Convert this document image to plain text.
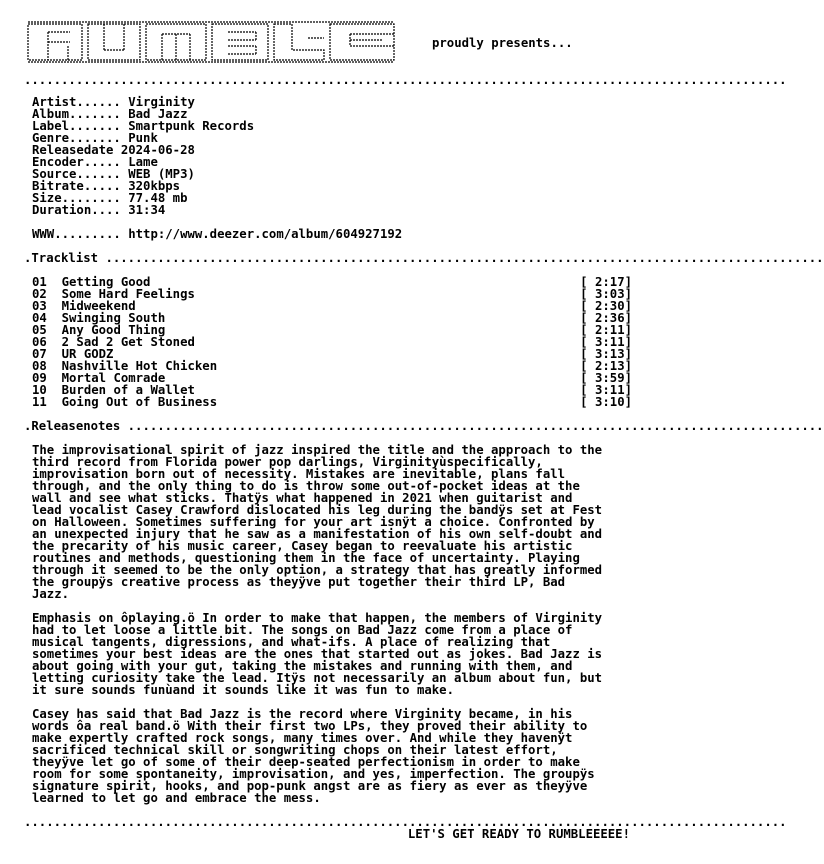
proudly presents...
.......................................................................................................
Artist...... Virginity
Album....... Bad Jazz
Label....... Smartpunk Records
Genre....... Punk
Releasedate 2024-06-28
Encoder..... Lame
Source...... WEB (MP3)
Bitrate..... 320kbps
Size........ 77.48 mb
Duration.... 31:34
WWW......... http://www.deezer.com/album/604927192
.Tracklist .................................................................................................
01 Getting Good	[ 2:17]
02 Some Hard Feelings	[ 3:03]
03 Midweekend	[ 2:30]
04 Swinging South	[ 2:36]
05 Any Good Thing	[ 2:11]
06 2 Sad 2 Get Stoned	[ 3:11]
07 UR GODZ	[ 3:13]
08 Nashville Hot Chicken	[ 2:13]
09 Mortal Comrade	[ 3:59]
10 Burden of a Wallet	[ 3:11]
11 Going Out of Business	[ 3:10]
.Releasenotes ..............................................................................................
The improvisational spirit of jazz inspired the title and the approach to the
third record from Florida power pop darlings, Virginityùspecifically,
improvisation born out of necessity. Mistakes are inevitable, plans fall
through, and the only thing to do is throw some out-of-pocket ideas at the
wall and see what sticks. Thatÿs what happened in 2021 when guitarist and
lead vocalist Casey Crawford dislocated his leg during the bandÿs set at Fest
on Halloween. Sometimes suffering for your art isnÿt a choice. Confronted by
an unexpected injury that he saw as a manifestation of his own self-doubt and
the precarity of his music career, Casey began to reevaluate his artistic
routines and methods, questioning them in the face of uncertainty. Playing
through it seemed to be the only option, a strategy that has greatly informed
the groupÿs creative process as theyÿve put together their third LP, Bad
Jazz.
Emphasis on ôplaying.ö In order to make that happen, the members of Virginity
had to let loose a little bit. The songs on Bad Jazz come from a place of
musical tangents, digressions, and what-ifs. A place of realizing that
sometimes your best ideas are the ones that started out as jokes. Bad Jazz is
about going with your gut, taking the mistakes and running with them, and
letting curiosity take the lead. Itÿs not necessarily an album about fun, but
it sure sounds funùand it sounds like it was fun to make.
Casey has said that Bad Jazz is the record where Virginity became, in his
words ôa real band.ö With their first two LPs, they proved their ability to
make expertly crafted rock songs, many times over. And while they havenÿt
sacrificed technical skill or songwriting chops on their latest effort,
theyÿve let go of some of their deep-seated perfectionism in order to make
room for some spontaneity, improvisation, and yes, imperfection. The groupÿs
signature spirit, hooks, and pop-punk angst are as fiery as ever as theyÿve
learned to let go and embrace the mess.
.......................................................................................................
LET'S GET READY TO RUMBLEEEEE!
